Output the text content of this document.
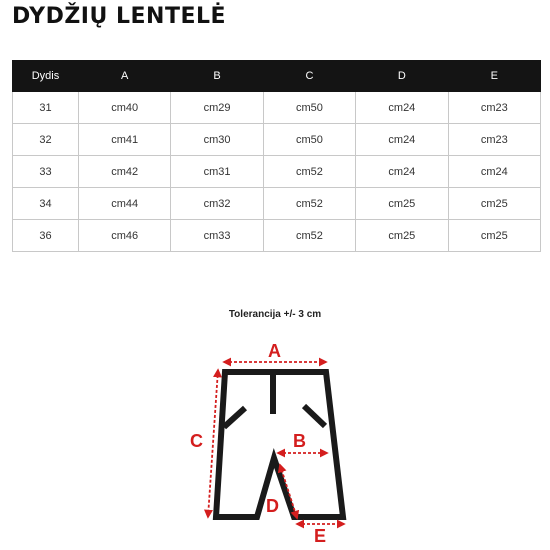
DYDŽIŲ LENTELĖ
Dydis	A	B	C	D	E
31	cm40	cm29	cm50	cm24	cm23
32	cm41	cm30	cm50	cm24	cm23
33	cm42	cm31	cm52	cm24	cm24
34	cm44	cm32	cm52	cm25	cm25
36	cm46	cm33	cm52	cm25	cm25
Tolerancija +/- 3 cm
A
B
C
D
E
